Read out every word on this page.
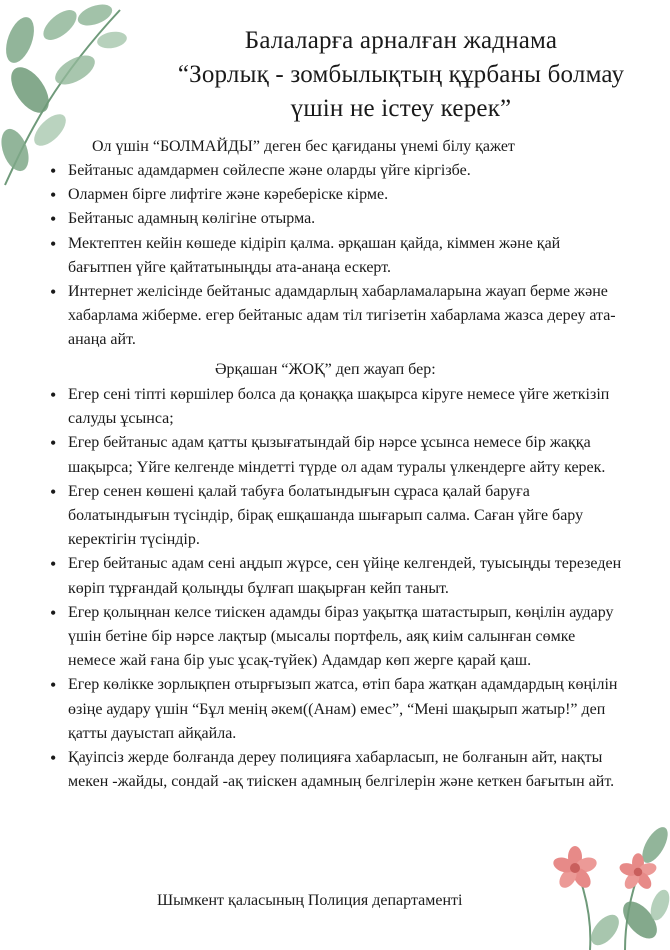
Балаларға арналған жаднама
“Зорлық - зомбылықтың құрбаны болмау
үшін не істеу керек”
Ол үшін “БОЛМАЙДЫ” деген бес қағиданы үнемі білу қажет
• Бейтаныс адамдармен сөйлеспе және оларды үйге кіргізбе.
• Олармен бірге лифтіге және кәреберіске кірме.
• Бейтаныс адамның көлігіне отырма.
• Мектептен кейін көшеде кідіріп қалма. әрқашан қайда, кіммен және қай бағытпен үйге қайтатыныңды ата-анаңа ескерт.
• Интернет желісінде бейтаныс адамдарлың хабарламаларына жауап берме және хабарлама жіберме. егер бейтаныс адам тіл тигізетін хабарлама жазса дереу ата-анаңа айт.
Әрқашан “ЖОҚ” деп жауап бер:
• Егер сені тіпті көршілер болса да қонаққа шақырса кіруге немесе үйге жеткізіп салуды ұсынса;
• Егер бейтаныс адам қатты қызығатындай бір нәрсе ұсынса немесе бір жаққа шақырса; Үйге келгенде міндетті түрде ол адам туралы үлкендерге айту керек.
• Егер сенен көшені қалай табуға болатындығын сұраса қалай баруға болатындығын түсіндір, бірақ ешқашанда шығарып салма. Саған үйге бару керектігін түсіндір.
• Егер бейтаныс адам сені аңдып жүрсе, сен үйіңе келгендей, туысыңды терезеден көріп тұрғандай қолыңды бұлғап шақырған кейп таныт.
• Егер қолыңнан келсе тиіскен адамды біраз уақытқа шатастырып, көңілін аудару үшін бетіне бір нәрсе лақтыр (мысалы портфель, аяқ киім салынған сөмке немесе жай ғана бір уыс ұсақ-түйек) Адамдар көп жерге қарай қаш.
• Егер көлікке зорлықпен отырғызып жатса, өтіп бара жатқан адамдардың көңілін өзіңе аудару үшін “Бұл менің әкем((Анам) емес”, “Мені шақырып жатыр!” деп қатты дауыстап айқайла.
• Қауіпсіз жерде болғанда дереу полицияға хабарласып, не болғанын айт, нақты мекен -жайды, сондай -ақ тиіскен адамның белгілерін және кеткен бағытын айт.
Шымкент қаласының Полиция департаменті
